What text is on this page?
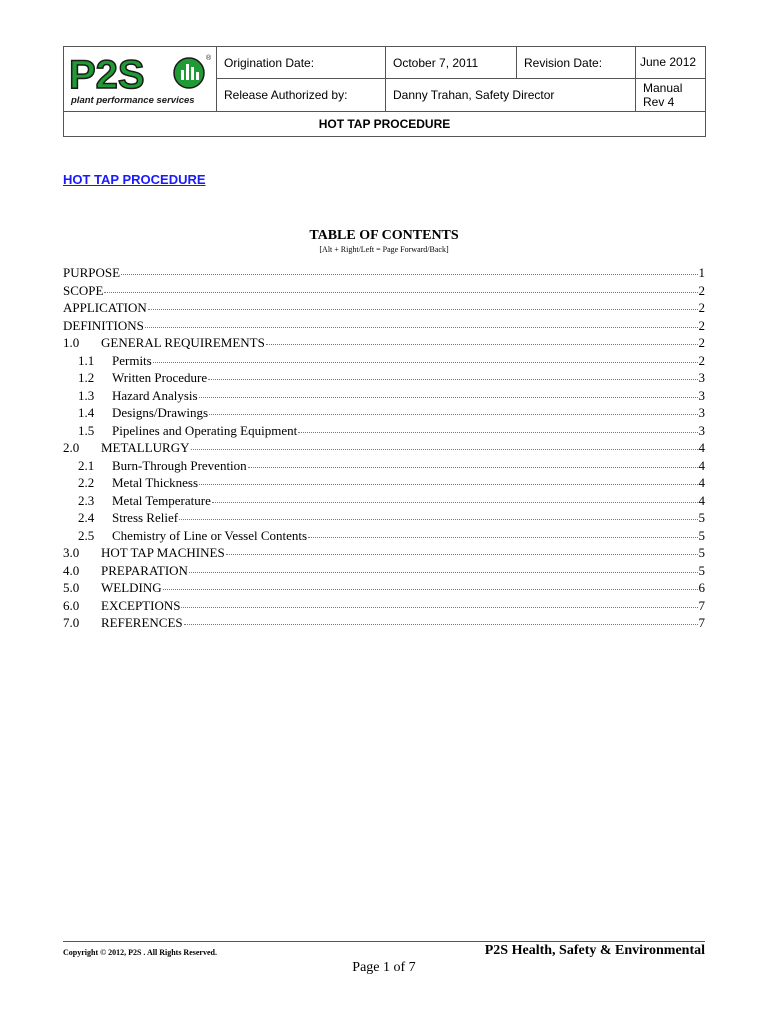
P2S ®
plant performance services	Origination Date:	October 7, 2011	Revision Date:	June 2012
	Release Authorized by:	Danny Trahan, Safety Director		Manual Rev 4
HOT TAP PROCEDURE				
HOT TAP PROCEDURE
TABLE OF CONTENTS
[Alt + Right/Left = Page Forward/Back]
PURPOSE	1
SCOPE	2
APPLICATION	2
DEFINITIONS	2
1.0	GENERAL REQUIREMENTS	2
1.1	Permits	2
1.2	Written Procedure	3
1.3	Hazard Analysis	3
1.4	Designs/Drawings	3
1.5	Pipelines and Operating Equipment	3
2.0	METALLURGY	4
2.1	Burn-Through Prevention	4
2.2	Metal Thickness	4
2.3	Metal Temperature	4
2.4	Stress Relief	5
2.5	Chemistry of Line or Vessel Contents	5
3.0	HOT TAP MACHINES	5
4.0	PREPARATION	5
5.0	WELDING	6
6.0	EXCEPTIONS	7
7.0	REFERENCES	7
Copyright © 2012, P2S . All Rights Reserved.	P2S Health, Safety & Environmental
Page 1 of 7
